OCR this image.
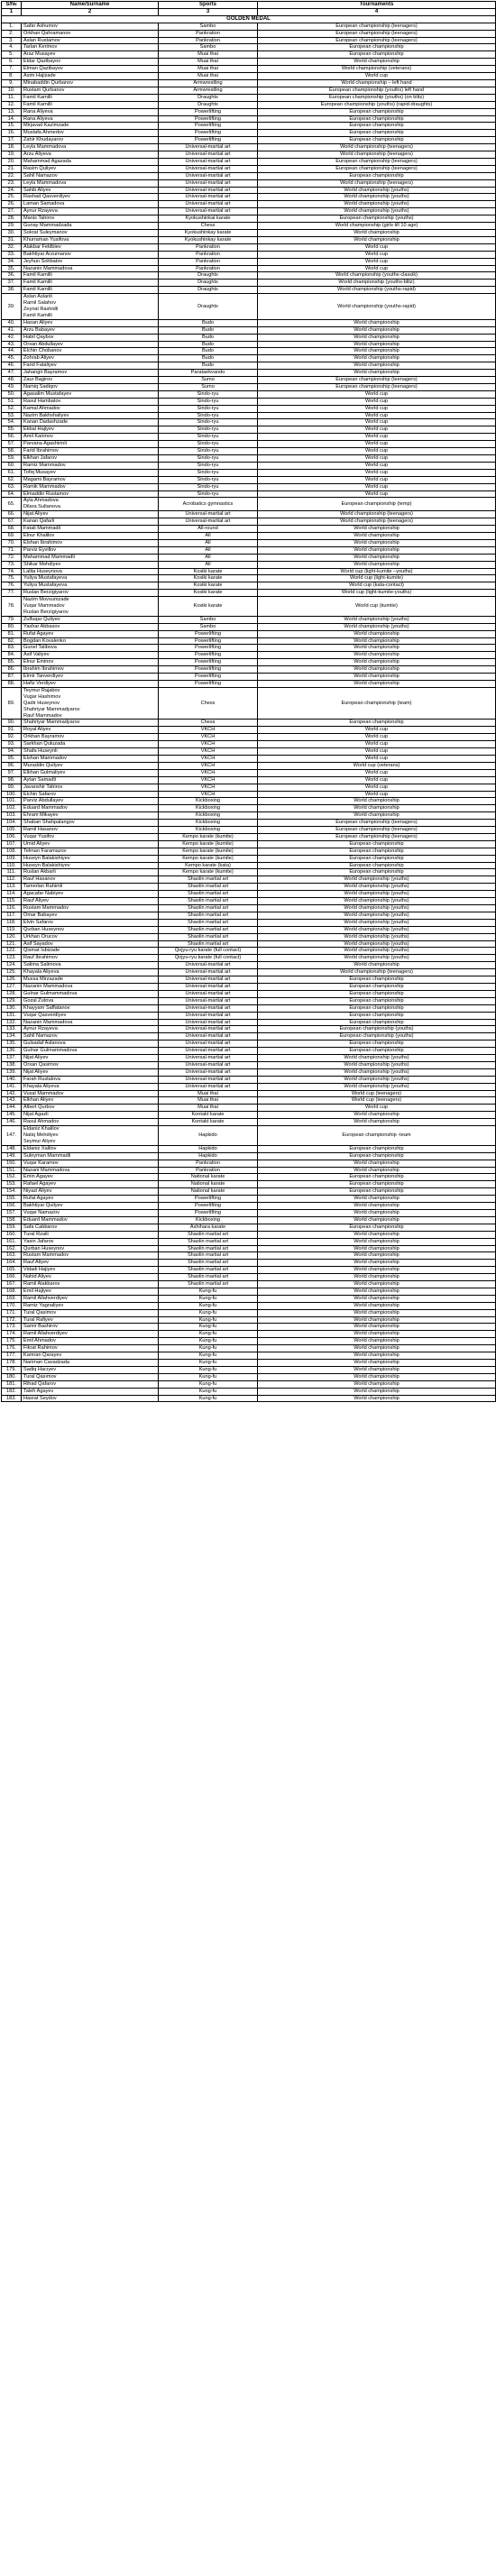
S/№	Name/Surname	Sports	Tournaments
1	2	3	4
GOLDEN MEDAL			
1.	Safar Ashumov	Sambo	European championship (teenagers)
2.	Orkhan Qahramanov	Pankration	European championship (teenagers)
3.	Aslan Rustamov	Pankration	European championship (teenagers)
4.	Tarlan Kerimov	Sambo	European championship
5.	Araz Musayev	Muai thai	European championship
6.	Eldar Qazibayov	Muai thai	World championship
7.	Elman Qazibayov	Muai thai	World championship (veterans)
8.	Asim Hajizade	Muai thai	World cup
9.	Minabaddin Qurbanov	Armwrestling	World championship – left hand
10.	Rustam Qurbanov	Armwrestling	European championship (youths) left hand
11.	Famil Kamilli	Draughts	European championship (youths) (on blitz)
12.	Famil Kamilli	Draughts	European championship (youths) (rapid-draughts)
13.	Rana Aliyeva	Powerlifting	European championship
14.	Rana Aliyeva	Powerlifting	European championship
15.	Mirjavad Kazimzade	Powerlifting	European championship
16.	Mustafa Ahmedov	Powerlifting	European championship
17.	Zahir Khudayarov	Powerlifting	European championship
18.	Leyla Mammadova	Universal-martial art	World championship (teenagers)
19.	Arzu Aliyeva	Universal-martial art	World championship (teenagers)
20.	Mahammad Agazada	Universal-martial art	European championship (teenagers)
21.	Rasim Quliyev	Universal-martial art	European championship (teenagers)
22.	Sahil Namazov	Universal-martial art	European championship
23.	Leyla Mammadova	Universal-martial art	World championship (teenagers)
24.	Sahib Aliyev	Universal-martial art	World championship (youths)
25.	Rashad Qasverdiyev	Universal-martial art	World championship (youths)
26.	Laman Samadova	Universal-martial art	World championship (youths)
27.	Aynur Rzayeva	Universal-martial art	World championship (youths)
28.	Manis Tahirov	Kyokushinkai karate	European championship (youths)
29.	Gunay Mammadzada	Chess	World championship (girls till 10 age)
30.	Sokrat Suleymanov	Kyokushinkay karate	World championship
31.	Khurraman Yusifova	Kyokushinkay karate	World championship
32.	Alakbar Feldbiev	Pankration	World cup
33.	Bakhtiyar Arzumanov	Pankration	World cup
34.	Jeyhun Sohbatov	Pankration	World cup
35.	Nazanin Mammadova	Pankration	World cup
36.	Famil Kamilli	Draughts	World championship (youths-classik)
37.	Famil Kamilli	Draughts	World championship (youths-blitz)
38.	Famil Kamilli	Draughts	World championship (youths-rapid)
39.	Aslan Aslanli
Ramil Salahov
Zeynal Rashidli
Famil Kamilli	Draughts	World championship (youths-rapid)
40.	Hasan Aliyev	Budo	World championship
41.	Arzu Babayev	Budo	World championship
42.	Habil Qaybov	Budo	World championship
43.	Orxan Abdullayev	Budo	World championship
44.	Elchin Chobanov	Budo	World championship
45.	Zohrab Aliyev	Budo	World championship
46.	Farid Fataliyev	Budo	World championship
47.	Jahangir Bayramov	Parataekvando	World championship
48.	Zaur Bagirov	Sumo	European championship (teenagers)
49.	Namiq Sadiqov	Sumo	European championship (teenagers)
50.	Agasalim Mustafayev	Sindo-ryu	World cup
51.	Rasul Hambatov	Sindo-ryu	World cup
52.	Kamal Ahmadov	Sindo-ryu	World cup
53.	Nazim Bakhshaliyev	Sindo-ryu	World cup
54.	Kanan Dadashzade	Sindo-ryu	World cup
55.	Ekbal Hajiyev	Sindo-ryu	World cup
56.	Amil Karimov	Sindo-ryu	World cup
57.	Parvana Agashirinli	Sindo-ryu	World cup
58.	Farid Ibrahimov	Sindo-ryu	World cup
59.	Elkhan Jafarov	Sindo-ryu	World cup
60.	Ramiz Mammadov	Sindo-ryu	World cup
61.	Tofiq Musayev	Sindo-ryu	World cup
62.	Magami Bayramov	Sindo-ryu	World cup
63.	Ramik Mammadov	Sindo-ryu	World cup
64.	Elmaddin Rustamov	Sindo-ryu	World cup
65.	Ayla Ahmadova
Dilara Sultanova	Acrobatics gymnastics	European championship (temp)
66.	Nijat Aliyev	Universal-martial art	World championship (teenagers)
67.	Kanan Qafarli	Universal-martial art	World championship (teenagers)
68.	Fatali Mammadli	All-round	World championship
69.	Elnur Khalilov	All	World championship
70.	Elshan Ibrahimov	All	World championship
71.	Parviz Eyvillov	All	World championship
72.	Mahammad Mammadli	All	World championship
73.	Shikar Mehdiyev	All	World championship
74.	Lalita Huseynova	Kosiki karate	World cup (light-kumite –youths)
75.	Yuliya Mustafayeva	Kosiki karate	World cup (light-kumite)
76.	Yuliya Mustafayeva	Kosiki karate	World cup (kata-contact)
77.	Ruslan Berzigiyarov	Kosiki karate	World cup (light-kumite-youths)
78.	Nazim Movsumzade
Vuqar Mammadov
Ruslan Berzigiyarov	Kosiki karate	World cup (kumite)
79.	Zulfuqar Quliyev	Sambo	World championship (youths)
80.	Yashar Abbasov	Sambo	World championship (youths)
81.	Rufat Agayev	Powerlifting	World championship
82.	Bogdan Kovalenko	Powerlifting	World championship
83.	Gunel Talibova	Powerlifting	World championship
84.	Asif Valiyev	Powerlifting	World championship
85.	Elnur Eminov	Powerlifting	World championship
86.	Ibrahim Ibrahimov	Powerlifting	World championship
87.	Elmir Tanverdiyev	Powerlifting	World championship
88.	Hafiz Verdiyev	Powerlifting	World championship
89.	Teymur Rajabov
Vugar Hashimov
Qadir Huseynov
Shahriyar Mammadyarov
Rauf Mammadov	Chess	European championship (team)
90.	Shahriyar Mammadyarov	Chess	European championship
91.	Royal Aliyev	VKCH	World cup
92.	Orkhan Bayramov	VKCH	World cup
93.	Sarkhan Quluzada	VKCH	World cup
94.	Shafa Huseynli	VKCH	World cup
95.	Elshan Mammadov	VKCH	World cup
96.	Muraddin Quliyev	VKCH	World cup (veterans)
97.	Elkhan Gulmaliyev	VKCH	World cup
98.	Aytan Samadli	VKCH	World cup
99.	Javanshir Tahirov	VKCH	World cup
100.	Elchin Safarov	VKCH	World cup
101.	Parviz Abdullayev	Kickboxing	World championship
102.	Eduard Mammadov	Kickboxing	World championship
103.	Ehram Mikayev	Kickboxing	World championship
104.	Shaban Shahpalangov	Kickboxing	European championship (teenagers)
105.	Ramil Hasanov	Kickboxing	European championship (teenagers)
106.	Vuqar Yusifov	Kempo karate (kumite)	European championship (teenagers)
107.	Umid Aliyev	Kempo karate (kumite)	European championship
108.	Telman Faramazov	Kempo karate (kumite)	European championship
109.	Huseyn Balakishiyev	Kempo karate (kumite)	European championship
110.	Huseyn Balakishiyev	Kempo karate (kata)	European championship
111.	Ruslan Akbarli	Kempo karate (kumite)	European championship
112.	Rauf Hasanov	Shaolin martial art	World championship (youths)
113.	Tamerlan Rahimli	Shaolin martial art	World championship (youths)
114.	Agacafar Nabiyev	Shaolin martial art	World championship (youths)
115.	Rauf Aliyev	Shaolin martial art	World championship (youths)
116.	Rustam Mammadov	Shaolin martial art	World championship (youths)
117.	Omar Babayev	Shaolin martial art	World championship (youths)
118.	Elvin Safarov	Shaolin martial art	World championship (youths)
119.	Qurban Huseynov	Shaolin martial art	World championship (youths)
120.	Urkhan Orucov	Shaolin martial art	World championship (youths)
121.	Asif Sayadov	Shaolin martial art	World championship (youths)
122.	Qismat Isbizade	Qojyu-ryu karate (full contact)	World championship (youths)
123.	Rauf Ibrahimov	Qojyu-ryu karate (full contact)	World championship (youths)
124.	Salima Salimova	Universal-martial art	World championship
125.	Khayala Aliyeva	Universal-martial art	World championship (teenagers)
126.	Mussa Mirzazade	Universal-martial art	European championship
127.	Nazanin Mammadova	Universal-martial art	European championship
128.	Gulnar Gulmammadova	Universal-martial art	European championship
129.	Gozal Zutova	Universal-martial art	European championship
130.	Khayyam Saffatanov	Universal-martial art	European championship
131.	Vuqar Qasverdiyev	Universal-martial art	European championship
132.	Nazanin Mammadova	Universal-martial art	European championship
133.	Aynur Rzayeva	Universal-martial art	European championship (youths)
134.	Sahil Namazov	Universal-martial art	European championship (youths)
135.	Gulsadaf Aslanova	Universal-martial art	European championship
136.	Gulnar Gulmammadova	Universal-martial art	European championship
137.	Nijat Aliyev	Universal-martial art	World championship (youths)
138.	Orxan Qasimov	Universal-martial art	World championship (youths)
139.	Nijat Aliyev	Universal-martial art	World championship (youths)
140.	Farah Rustalova	Universal-martial art	World championship (youths)
141.	Khayala Aliyeva	Universal-martial art	World championship (youths)
142.	Vusal Mammadov	Muai thai	World cup (teenagers)
143.	Elkhan Aliyev	Muai thai	World cup (teenagers)
144.	Albert Qurbov	Muai thai	World cup
145.	Nijat Agazli	Kontakt karate	World championship
146.	Rasul Ahmadov	Kontakt karate	World championship
147.	Eldaniz Khalilov
Natiq Mehdiyev
Seymur Aliyev	Hapkido	European championship -team
148.	Eldaniz Xalilov	Hapkido	European championship
149.	Suleyman Mammadli	Hapkido	European championship
150.	Vuqar Karamov	Pankration	World championship
151.	Nazani Mammadova	Pankration	World championship
152.	Emin Agayev	National karate	European championship
153.	Rafael Agayev	National karate	European championship
154.	Niyazi Aliyev	National karate	European championship
155.	Rufat Agayev	Powerlifting	World championship
156.	Bakhtiyar Quliyev	Powerlifting	World championship
157.	Vuqar Namazov	Powerlifting	World championship
158.	Eduard Mammadov	Kickboxing	World championship
159.	Safa Cabbarov	Ashihara karate	European championship
160.	Tural Rzaili	Shaolin martial art	World championship
161.	Yasin Jafarov	Shaolin martial art	World championship
162.	Qurban Huseynov	Shaolin martial art	World championship
163.	Rustam Mammadov	Shaolin martial art	World championship
164.	Rauf Aliyev	Shaolin martial art	World championship
165.	Vidadi Hajiyev	Shaolin martial art	World championship
166.	Nahid Aliyev	Shaolin martial art	World championship
167.	Ramil Alakbarov	Shaolin martial art	World championship
168.	Emil Hajiyev	Kung-fu	World championship
169.	Ramil Allahverdiyev	Kung-fu	World championship
170.	Ramiz Yagnaliyev	Kung-fu	World championship
171.	Tural Qasimov	Kung-fu	World championship
172.	Tural Rafiyev	Kung-fu	World championship
173.	Samir Bashirov	Kung-fu	World championship
174.	Ramil Allahverdiyev	Kung-fu	World championship
175.	Emil Ahmadov	Kung-fu	World championship
176.	Fikrat Rahimov	Kung-fu	World championship
177.	Kamran Qarayev	Kung-fu	World championship
178.	Nariman Cavadzada	Kung-fu	World championship
179.	Sadiq Hacıyev	Kung-fu	World championship
180.	Tural Qasımov	Kung-fu	World championship
181.	Rihad Qafarov	Kung-fu	World championship
182.	Taleh Agayev	Kung-fu	World championship
183.	Hasrat Seydov	Kung-fu	World championship
